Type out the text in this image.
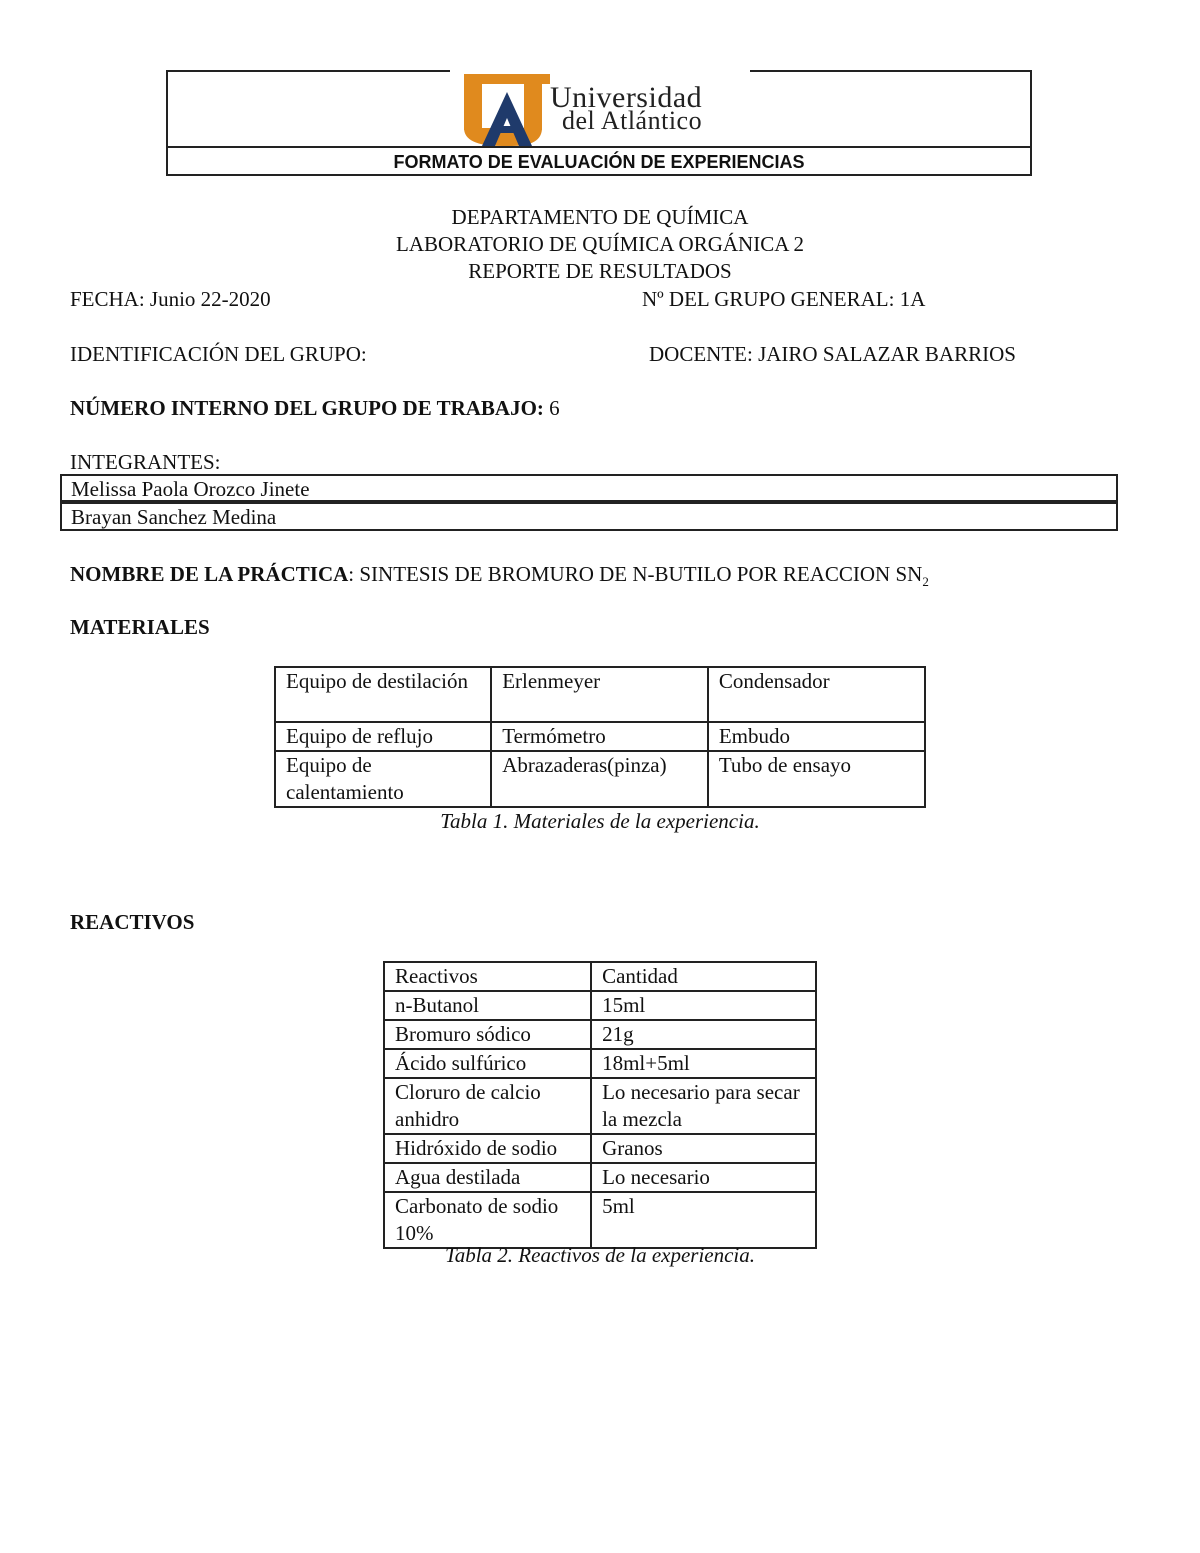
Universidad
del Atlántico
FORMATO DE EVALUACIÓN DE EXPERIENCIAS
DEPARTAMENTO DE QUÍMICA
LABORATORIO DE QUÍMICA ORGÁNICA 2
REPORTE DE RESULTADOS
FECHA: Junio 22-2020	Nº DEL GRUPO GENERAL: 1A
IDENTIFICACIÓN DEL GRUPO:	DOCENTE: JAIRO SALAZAR BARRIOS
NÚMERO INTERNO DEL GRUPO DE TRABAJO: 6
INTEGRANTES:
Melissa Paola Orozco Jinete
Brayan Sanchez Medina
NOMBRE DE LA PRÁCTICA: SINTESIS DE BROMURO DE N-BUTILO POR REACCION $SN_2$
MATERIALES
Equipo de destilación	Erlenmeyer	Condensador
Equipo de reflujo	Termómetro	Embudo
Equipo de calentamiento	Abrazaderas(pinza)	Tubo de ensayo
Tabla 1. Materiales de la experiencia.
REACTIVOS
Reactivos	Cantidad
n-Butanol	15ml
Bromuro sódico	21g
Ácido sulfúrico	18ml+5ml
Cloruro de calcio anhidro	Lo necesario para secar la mezcla
Hidróxido de sodio	Granos
Agua destilada	Lo necesario
Carbonato de sodio 10%	5ml
Tabla 2. Reactivos de la experiencia.
